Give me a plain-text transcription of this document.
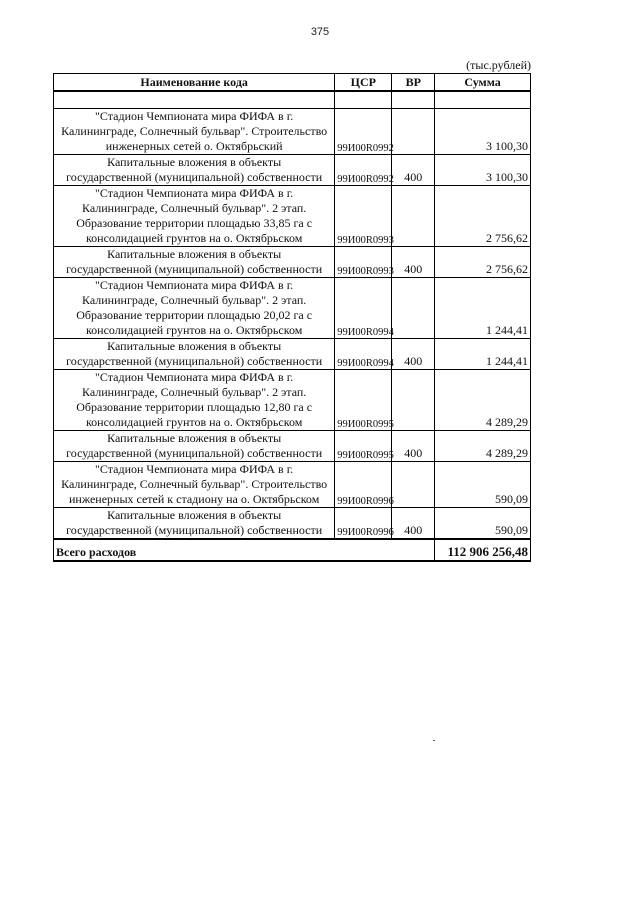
375
(тыс.рублей)
Наименование кода	ЦСР	ВР	Сумма

"Стадион Чемпионата мира ФИФА в г.
Калининграде, Солнечный бульвар". Строительство
инженерных сетей о. Октябрьский	99И00R0992		3 100,30

Капитальные вложения в объекты
государственной (муниципальной) собственности	99И00R0992	400	3 100,30

"Стадион Чемпионата мира ФИФА в г.
Калининграде, Солнечный бульвар". 2 этап.
Образование территории площадью 33,85 га с
консолидацией грунтов на о. Октябрьском	99И00R0993		2 756,62

Капитальные вложения в объекты
государственной (муниципальной) собственности	99И00R0993	400	2 756,62

"Стадион Чемпионата мира ФИФА в г.
Калининграде, Солнечный бульвар". 2 этап.
Образование территории площадью 20,02 га с
консолидацией грунтов на о. Октябрьском	99И00R0994		1 244,41

Капитальные вложения в объекты
государственной (муниципальной) собственности	99И00R0994	400	1 244,41

"Стадион Чемпионата мира ФИФА в г.
Калининграде, Солнечный бульвар". 2 этап.
Образование территории площадью 12,80 га с
консолидацией грунтов на о. Октябрьском	99И00R0995		4 289,29

Капитальные вложения в объекты
государственной (муниципальной) собственности	99И00R0995	400	4 289,29

"Стадион Чемпионата мира ФИФА в г.
Калининграде, Солнечный бульвар". Строительство
инженерных сетей к стадиону на о. Октябрьском	99И00R0996		590,09

Капитальные вложения в объекты
государственной (муниципальной) собственности	99И00R0996	400	590,09
Всего расходов			112 906 256,48
